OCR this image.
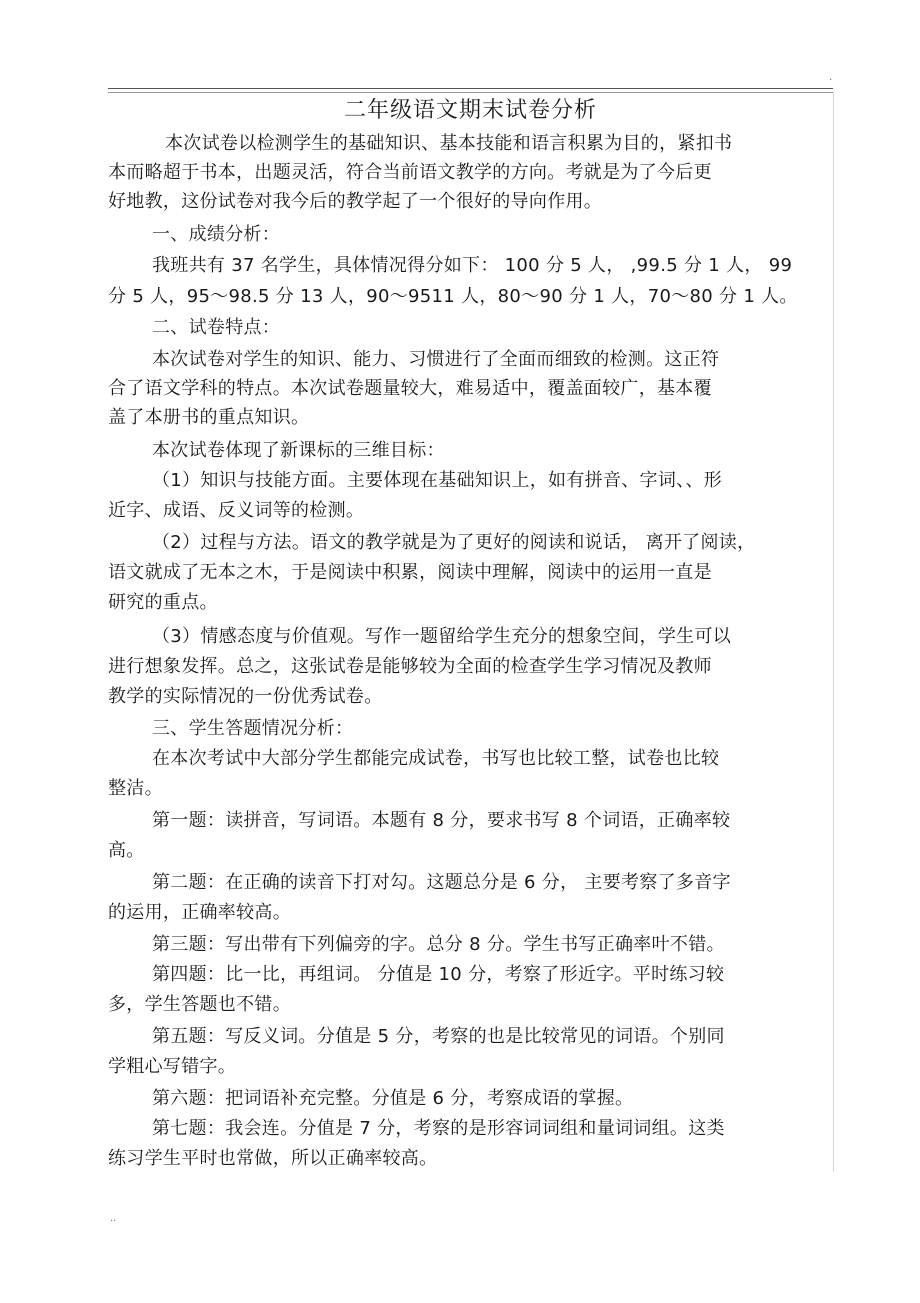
.
..
二年级语文期末试卷分析
本次试卷以检测学生的基础知识、基本技能和语言积累为目的，紧扣书
本而略超于书本，出题灵活，符合当前语文教学的方向。考就是为了今后更
好地教，这份试卷对我今后的教学起了一个很好的导向作用。
一、成绩分析：
我班共有 37 名学生，具体情况得分如下： 100 分 5 人， ,99.5 分 1 人， 99
分 5 人，95～98.5 分 13 人，90～9511 人，80～90 分 1 人，70～80 分 1 人。
二、试卷特点：
本次试卷对学生的知识、能力、习惯进行了全面而细致的检测。这正符
合了语文学科的特点。本次试卷题量较大，难易适中，覆盖面较广，基本覆
盖了本册书的重点知识。
本次试卷体现了新课标的三维目标：
（1）知识与技能方面。主要体现在基础知识上，如有拼音、字词、、形
近字、成语、反义词等的检测。
（2）过程与方法。语文的教学就是为了更好的阅读和说话， 离开了阅读，
语文就成了无本之木，于是阅读中积累，阅读中理解，阅读中的运用一直是
研究的重点。
（3）情感态度与价值观。写作一题留给学生充分的想象空间，学生可以
进行想象发挥。总之，这张试卷是能够较为全面的检查学生学习情况及教师
教学的实际情况的一份优秀试卷。
三、学生答题情况分析：
在本次考试中大部分学生都能完成试卷，书写也比较工整，试卷也比较
整洁。
第一题：读拼音，写词语。本题有 8 分，要求书写 8 个词语，正确率较
高。
第二题：在正确的读音下打对勾。这题总分是 6 分， 主要考察了多音字
的运用，正确率较高。
第三题：写出带有下列偏旁的字。总分 8 分。学生书写正确率叶不错。
第四题：比一比，再组词。 分值是 10 分，考察了形近字。平时练习较
多，学生答题也不错。
第五题：写反义词。分值是 5 分，考察的也是比较常见的词语。个别同
学粗心写错字。
第六题：把词语补充完整。分值是 6 分，考察成语的掌握。
第七题：我会连。分值是 7 分，考察的是形容词词组和量词词组。这类
练习学生平时也常做，所以正确率较高。
